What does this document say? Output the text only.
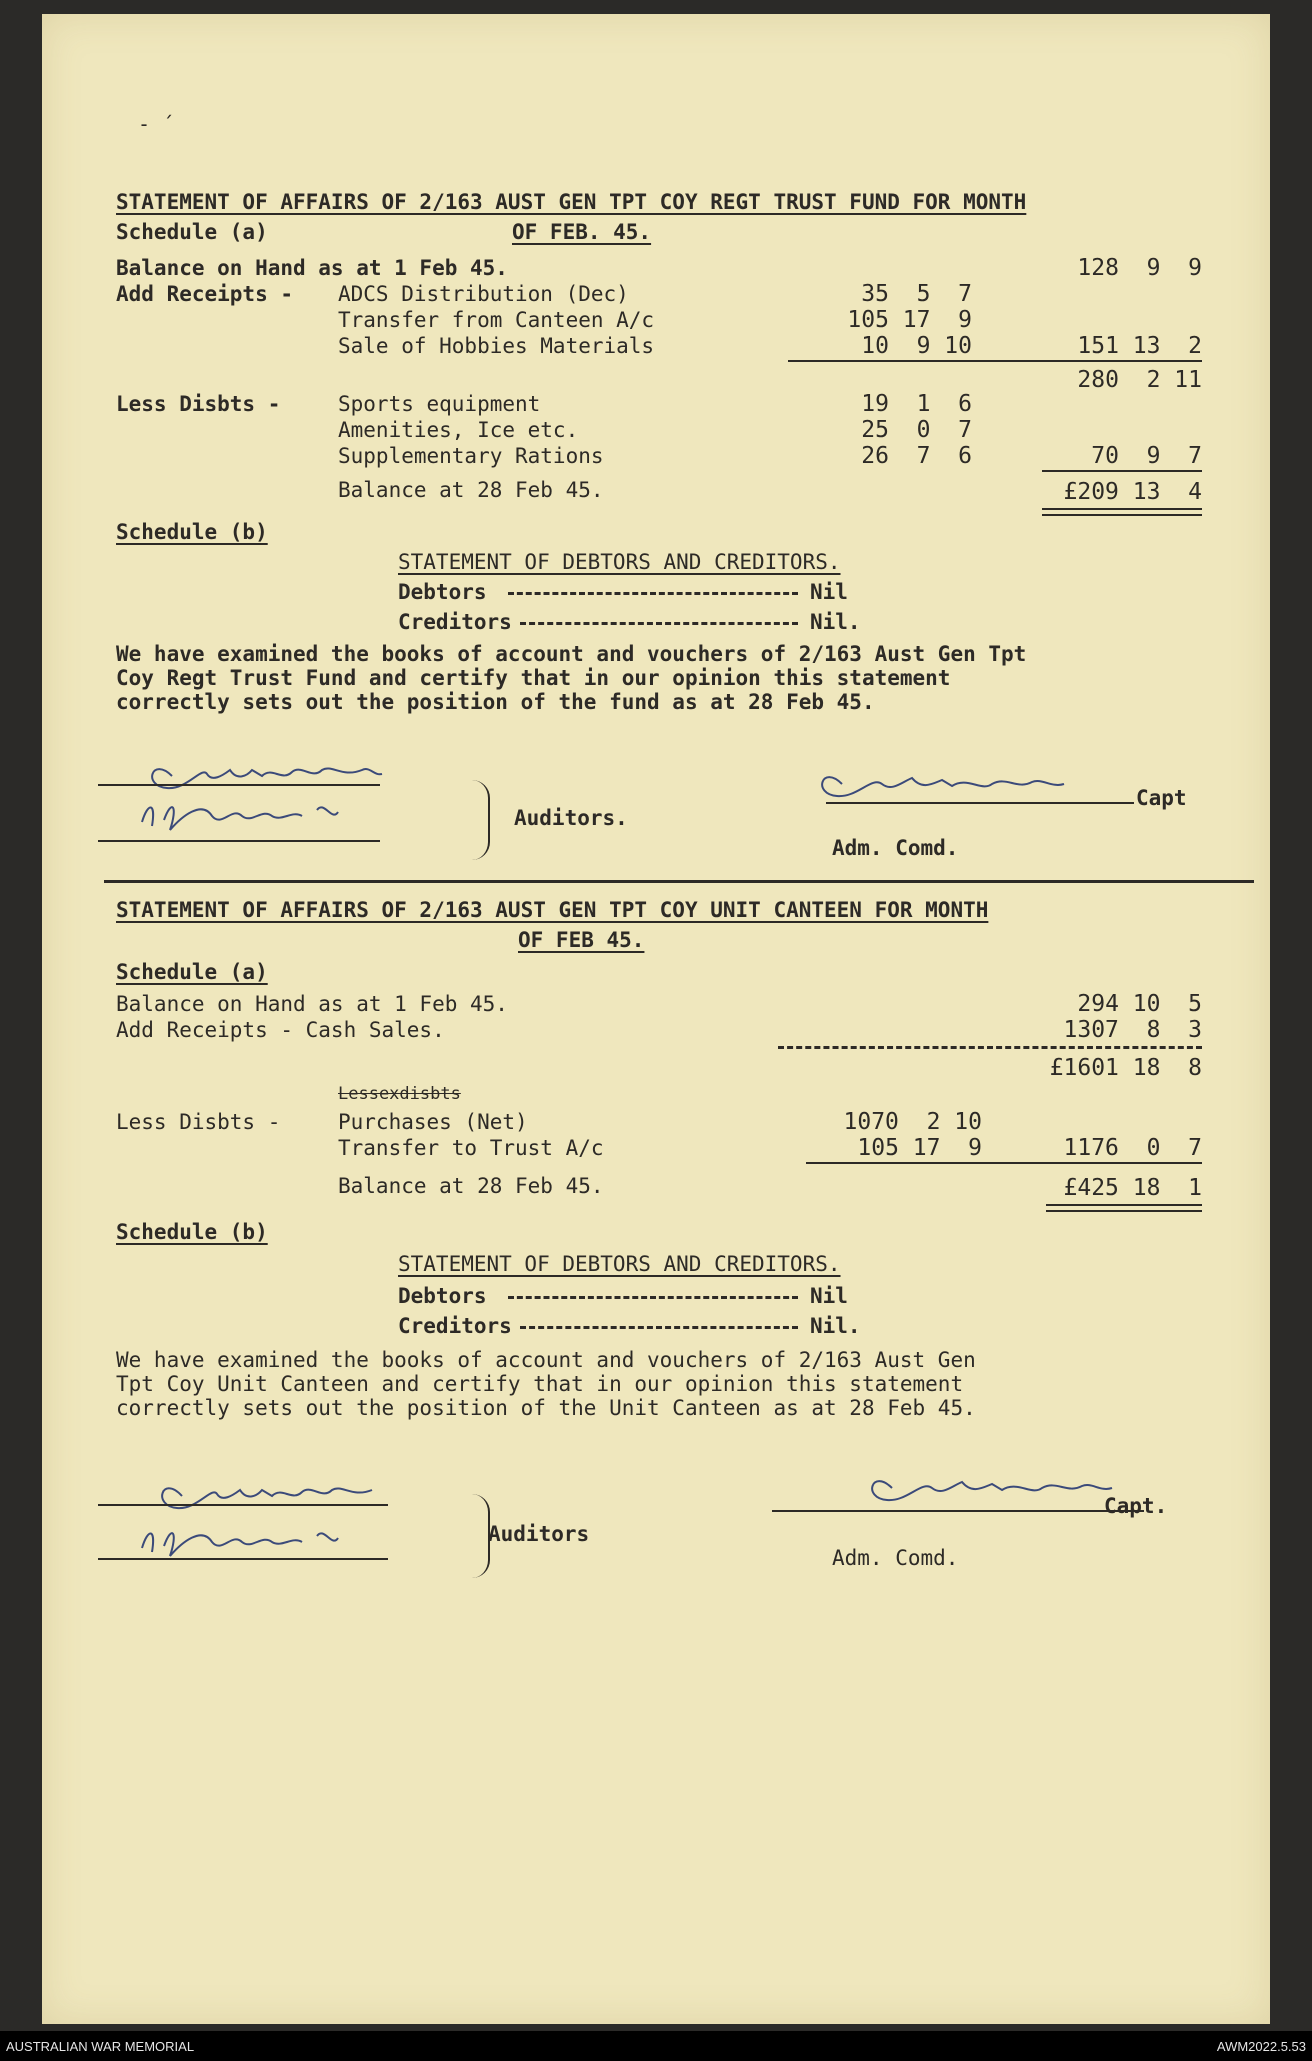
- ´
STATEMENT OF AFFAIRS OF 2/163 AUST GEN TPT COY REGT TRUST FUND FOR MONTH
OF FEB. 45.
Schedule (a)
Balance on Hand as at 1 Feb 45.	128  9  9
Add Receipts - ADCS Distribution (Dec)	35  5  7
Transfer from Canteen A/c	105 17  9
Sale of Hobbies Materials	10  9 10	151 13  2
280  2 11
Less Disbts -	Sports equipment	19  1  6
Amenities, Ice etc.	25  0  7
Supplementary Rations	26  7  6	70  9  7
Balance at 28 Feb 45.	£209 13  4
Schedule (b)
STATEMENT OF DEBTORS AND CREDITORS.
Debtors	Nil
Creditors	Nil.
We have examined the books of account and vouchers of 2/163 Aust Gen Tpt
Coy Regt Trust Fund and certify that in our opinion this statement
correctly sets out the position of the fund as at 28 Feb 45.
Auditors.
Capt
Adm. Comd.
STATEMENT OF AFFAIRS OF 2/163 AUST GEN TPT COY UNIT CANTEEN FOR MONTH
OF FEB 45.
Schedule (a)
Balance on Hand as at 1 Feb 45.	294 10  5
Add Receipts - Cash Sales.	1307  8  3
£1601 18  8
Lessexdisbts
Less Disbts -	Purchases (Net)	1070  2 10
Transfer to Trust A/c	105 17  9	1176  0  7
Balance at 28 Feb 45.	£425 18  1
Schedule (b)
STATEMENT OF DEBTORS AND CREDITORS.
Debtors	Nil
Creditors	Nil.
We have examined the books of account and vouchers of 2/163 Aust Gen
Tpt Coy Unit Canteen and certify that in our opinion this statement
correctly sets out the position of the Unit Canteen as at 28 Feb 45.
Auditors
Capt.
Adm. Comd.
AUSTRALIAN WAR MEMORIAL	AWM2022.5.53
